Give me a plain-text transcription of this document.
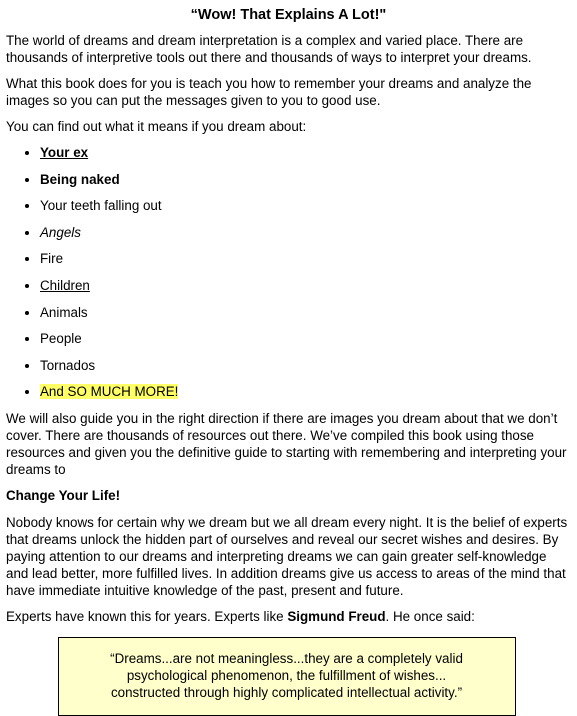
“Wow! That Explains A Lot!"

The world of dreams and dream interpretation is a complex and varied place. There are thousands of interpretive tools out there and thousands of ways to interpret your dreams.

What this book does for you is teach you how to remember your dreams and analyze the images so you can put the messages given to you to good use.

You can find out what it means if you dream about:

• Your ex
• Being naked
• Your teeth falling out
• Angels
• Fire
• Children
• Animals
• People
• Tornados
• And SO MUCH MORE!

We will also guide you in the right direction if there are images you dream about that we don’t cover. There are thousands of resources out there. We’ve compiled this book using those resources and given you the definitive guide to starting with remembering and interpreting your dreams to

Change Your Life!

Nobody knows for certain why we dream but we all dream every night. It is the belief of experts that dreams unlock the hidden part of ourselves and reveal our secret wishes and desires. By paying attention to our dreams and interpreting dreams we can gain greater self-knowledge and lead better, more fulfilled lives. In addition dreams give us access to areas of the mind that have immediate intuitive knowledge of the past, present and future.

Experts have known this for years. Experts like Sigmund Freud. He once said:

“Dreams...are not meaningless...they are a completely valid
psychological phenomenon, the fulfillment of wishes...
constructed through highly complicated intellectual activity.”
